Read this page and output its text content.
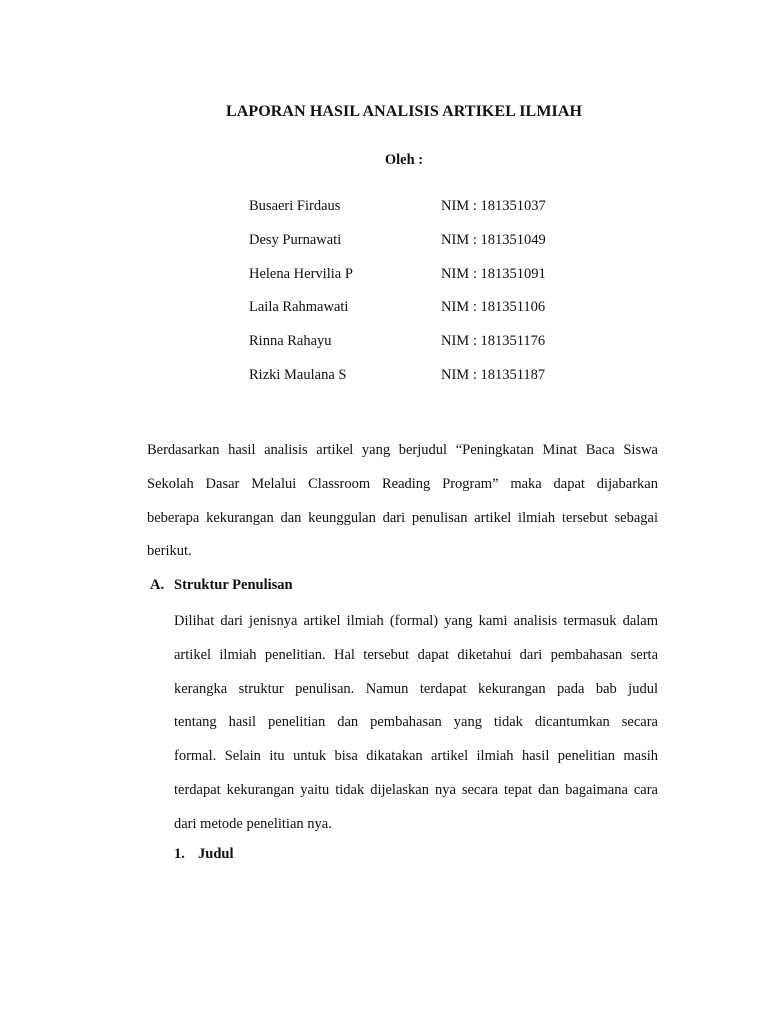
LAPORAN HASIL ANALISIS ARTIKEL ILMIAH
Oleh :
Busaeri Firdaus	NIM : 181351037
Desy Purnawati	NIM : 181351049
Helena Hervilia P	NIM : 181351091
Laila Rahmawati	NIM : 181351106
Rinna Rahayu	NIM : 181351176
Rizki Maulana S	NIM : 181351187
Berdasarkan hasil analisis artikel yang berjudul “Peningkatan Minat Baca Siswa
Sekolah Dasar Melalui Classroom Reading Program” maka dapat dijabarkan
beberapa kekurangan dan keunggulan dari penulisan artikel ilmiah tersebut sebagai
berikut.
A. Struktur Penulisan
Dilihat dari jenisnya artikel ilmiah (formal) yang kami analisis termasuk dalam
artikel ilmiah penelitian. Hal tersebut dapat diketahui dari pembahasan serta
kerangka struktur penulisan. Namun terdapat kekurangan pada bab judul
tentang hasil penelitian dan pembahasan yang tidak dicantumkan secara
formal. Selain itu untuk bisa dikatakan artikel ilmiah hasil penelitian masih
terdapat kekurangan yaitu tidak dijelaskan nya secara tepat dan bagaimana cara
dari metode penelitian nya.
1. Judul
